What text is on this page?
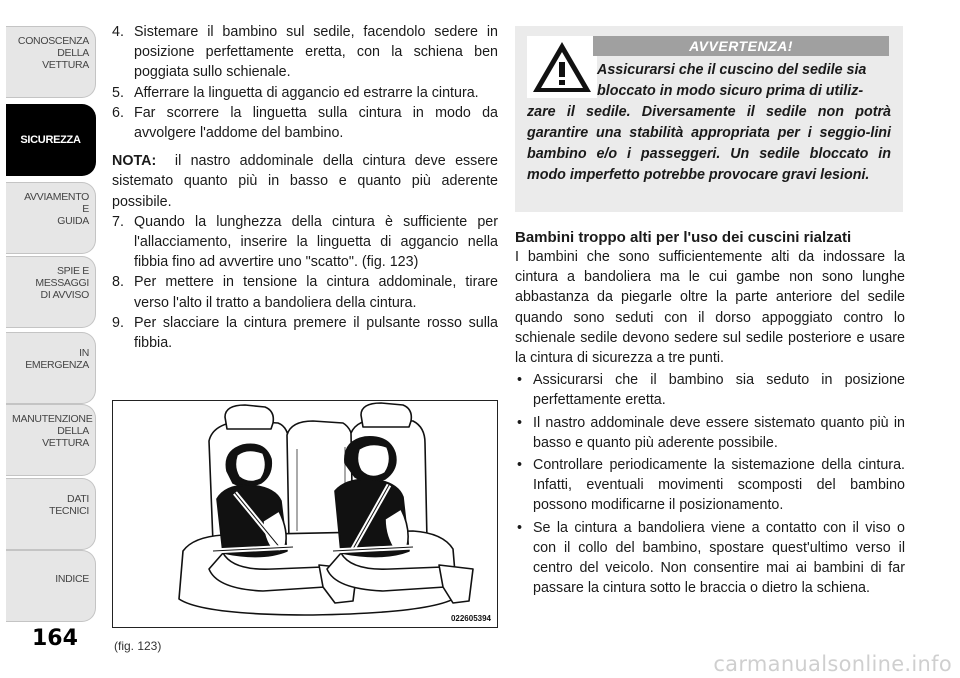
CONOSCENZA
DELLA
VETTURA
SICUREZZA
AVVIAMENTO
E
GUIDA
SPIE E
MESSAGGI
DI AVVISO
IN
EMERGENZA
MANUTENZIONE
DELLA
VETTURA
DATI
TECNICI
INDICE
164	(fig. 123)
4. Sistemare il bambino sul sedile, facendolo sedere in posizione perfettamente eretta, con la schiena ben poggiata sullo schienale.
5. Afferrare la linguetta di aggancio ed estrarre la cintura.
6. Far scorrere la linguetta sulla cintura in modo da avvolgere l'addome del bambino.

NOTA: il nastro addominale della cintura deve essere sistemato quanto più in basso e quanto più aderente possibile.

7. Quando la lunghezza della cintura è sufficiente per l'allacciamento, inserire la linguetta di aggancio nella fibbia fino ad avvertire uno "scatto". (fig. 123)
8. Per mettere in tensione la cintura addominale, tirare verso l'alto il tratto a bandoliera della cintura.
9. Per slacciare la cintura premere il pulsante rosso sulla fibbia.
022605394
AVVERTENZA!
Assicurarsi che il cuscino del sedile sia
bloccato in modo sicuro prima di utiliz-
zare il sedile. Diversamente il sedile non potrà garantire una stabilità appropriata per i seggio-lini bambino e/o i passeggeri. Un sedile bloccato in modo imperfetto potrebbe provocare gravi lesioni.
Bambini troppo alti per l'uso dei cuscini rialzati

I bambini che sono sufficientemente alti da indossare la cintura a bandoliera ma le cui gambe non sono lunghe abbastanza da piegarle oltre la parte anteriore del sedile quando sono seduti con il dorso appoggiato contro lo schienale sedile devono sedere sul sedile posteriore e usare la cintura di sicurezza a tre punti.

• Assicurarsi che il bambino sia seduto in posizione perfettamente eretta.
• Il nastro addominale deve essere sistemato quanto più in basso e quanto più aderente possibile.
• Controllare periodicamente la sistemazione della cintura. Infatti, eventuali movimenti scomposti del bambino possono modificarne il posizionamento.
• Se la cintura a bandoliera viene a contatto con il viso o con il collo del bambino, spostare quest'ultimo verso il centro del veicolo. Non consentire mai ai bambini di far passare la cintura sotto le braccia o dietro la schiena.
carmanualsonline.info
